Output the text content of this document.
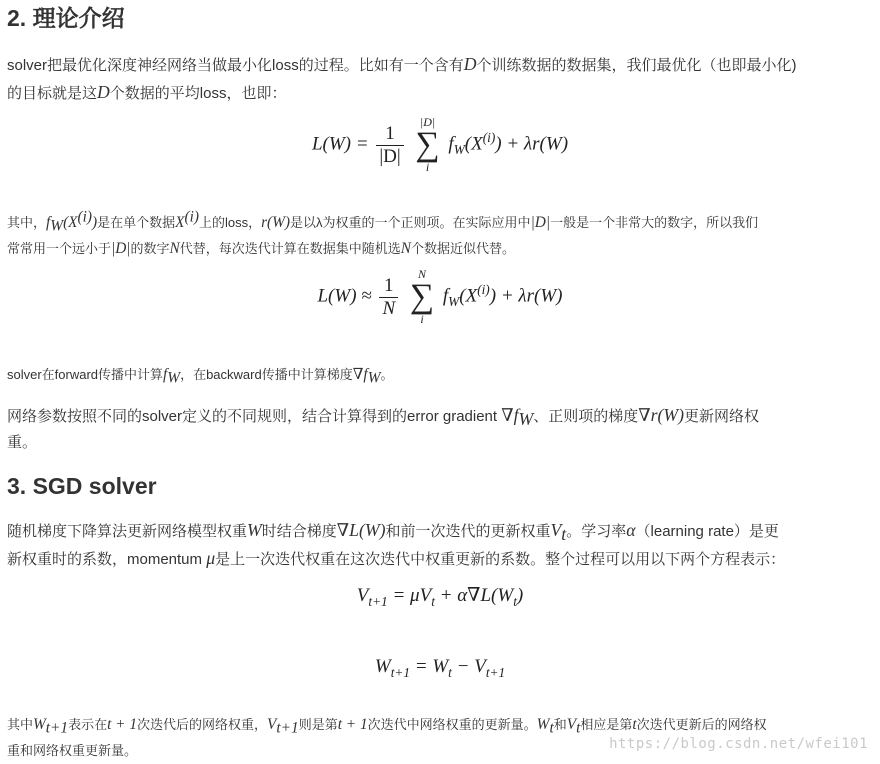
2. 理论介绍
solver把最优化深度神经网络当做最小化loss的过程。比如有一个含有D个训练数据的数据集，我们最优化（也即最小化)
的目标就是这D个数据的平均loss，也即：
$L(W) = \frac{1}{|D|}$

|D|
∑
i
$f_W(X^{(i)}) + \lambda r(W)$
其中，$f_W(X^{(i)})$是在单个数据$X^{(i)}$上的loss，r(W)是以λ为权重的一个正则项。在实际应用中|D|一般是一个非常大的数字，所以我们
常常用一个远小于|D|的数字N代替，每次迭代计算在数据集中随机选N个数据近似代替。
$L(W) \approx \frac{1}{N}$

N
∑
i
$f_W(X^{(i)}) + \lambda r(W)$
solver在forward传播中计算$f_W$，在backward传播中计算梯度$\nabla f_W$。
网络参数按照不同的solver定义的不同规则，结合计算得到的error gradient $\nabla f_W$、正则项的梯度∇r(W)更新网络权
重。
3. SGD solver
随机梯度下降算法更新网络模型权重W时结合梯度∇L(W)和前一次迭代的更新权重$V_t$。学习率α（learning rate）是更
新权重时的系数，momentum μ是上一次迭代权重在这次迭代中权重更新的系数。整个过程可以用以下两个方程表示：
$V_{t+1} = \mu V_t + \alpha\nabla L(W_t)$
$W_{t+1} = W_t - V_{t+1}$
其中$W_{t+1}$表示在t + 1次迭代后的网络权重，$V_{t+1}$则是第t + 1次迭代中网络权重的更新量。$W_t$和$V_t$相应是第t次迭代更新后的网络权
重和网络权重更新量。	https://blog.csdn.net/wfei101
